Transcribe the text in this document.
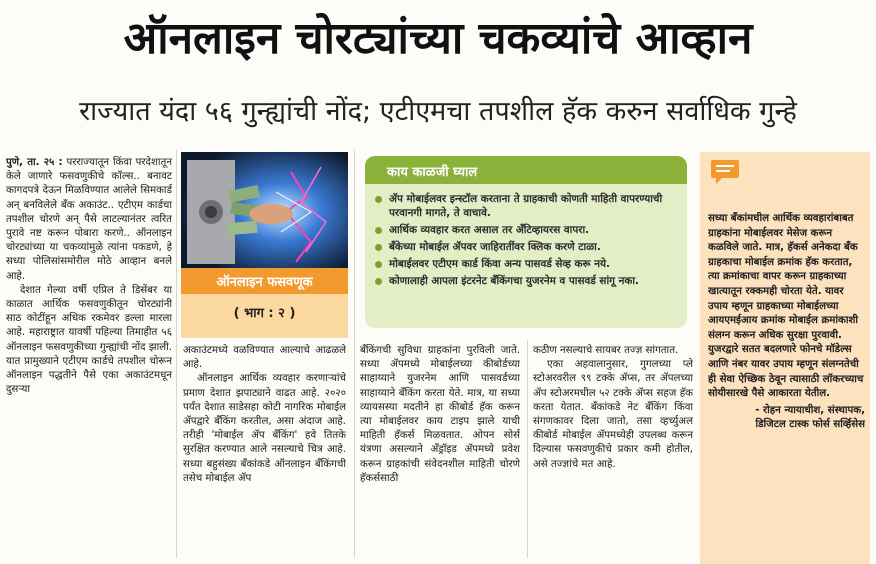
ऑनलाइन चोरट्यांच्या चकव्यांचे आव्हान
राज्यात यंदा ५६ गुन्ह्यांची नोंद; एटीएमचा तपशील हॅक करुन सर्वाधिक गुन्हे

पुणे, ता. २५ : परराज्यातून किंवा परदेशातून केले जाणारे फसवणुकीचे कॉल्स.. बनावट कागदपत्रे देऊन मिळविण्यात आलेले सिमकार्ड अन्‌ बनविलेले बॅंक अकाउंट.. एटीएम कार्डचा तपशील चोरणे अन्‌ पैसे लाटल्यानंतर त्वरित पुरावे नष्ट करून पोबारा करणे.. ऑनलाइन चोरट्यांच्या या चकव्यांमुळे त्यांना पकडणे, हे सध्या पोलिसांसमोरील मोठे आव्हान बनले आहे.

देशात गेल्या वर्षी एप्रिल ते डिसेंबर या काळात आर्थिक फसवणुकीतून चोरट्यांनी साठ कोटींहून अधिक रकमेवर डल्ला मारला आहे. महाराष्ट्रात यावर्षी पहिल्या तिमाहीत ५६ ऑनलाइन फसवणुकीच्या गुन्ह्यांची नोंद झाली. यात प्रामुख्याने एटीएम कार्डचे तपशील चोरून ऑनलाइन पद्धतीने पैसे एका अकाउंटमधून दुसऱ्या

ऑनलाइन फसवणूक
( भाग : २ )

अकाउंटमध्ये वळविण्यात आल्याचे आढळले आहे.

ऑनलाइन आर्थिक व्यवहार करणाऱ्यांचे प्रमाण देशात झपाट्याने वाढत आहे. २०२० पर्यंत देशात साडेसहा कोटी नागरिक मोबाईल ॲपद्वारे बॅंकिंग करतील, असा अंदाज आहे. तरीही 'मोबाईल ॲप बॅंकिंग' हवे तितके सुरक्षित करण्यात आले नसल्याचे चित्र आहे. सध्या बहुसंख्य बॅंकांकडे ऑनलाइन बॅंकिंगची तसेच मोबाईल ॲप

काय काळजी घ्याल
ॲप मोबाईलवर इन्स्टॉल करताना ते ग्राहकाची कोणती माहिती वापरण्याची परवानगी मागते, ते वाचावे.
आर्थिक व्यवहार करत असाल तर ॲंटिव्हायरस वापरा.
बॅंकेच्या मोबाईल ॲपवर जाहिरातींवर क्लिक करणे टाळा.
मोबाईलवर एटीएम कार्ड किंवा अन्य पासवर्ड सेव्ह करू नये.
कोणालाही आपला इंटरनेट बॅंकिंगचा युजरनेम व पासवर्ड सांगू नका.

बॅंकिंगची सुविधा ग्राहकांना पुरविली जाते. सध्या ॲपमध्ये मोबाईलच्या कीबोर्डच्या साहाय्याने युजरनेम आणि पासवर्डच्या साहाय्याने बॅंकिंग करता येते. मात्र, या सध्या व्यायसस्या मदतीने हा कीबोर्ड हॅक करून त्या मोबाईलवर काय टाइप झाले याची माहिती हॅकर्स मिळवतात. ओपन सोर्स यंत्रणा असल्याने ॲंड्रॉइड ॲपमध्ये प्रवेश करून ग्राहकांची संवेदनशील माहिती चोरणे हॅकर्ससाठी

कठीण नसल्याचे सायबर तज्ज्ञ सांगतात.

एका अहवालानुसार, गुगलच्या प्ले स्टोअरवरील ९९ टक्के ॲप्स, तर ॲपलच्या ॲप स्टोअरमधील ५२ टक्के ॲप्स सहज हॅक करता येतात. बॅंकांकडे नेट बॅंकिंग किंवा संगणकावर दिला जातो, तसा व्हर्च्युअल कीबोर्ड मोबाईल ॲपमध्येही उपलब्ध करून दिल्यास फसवणुकीचे प्रकार कमी होतील, असे तज्ज्ञांचे मत आहे.

सध्या बॅंकांमधील आर्थिक व्यवहारांबाबत ग्राहकांना मोबाईलवर मेसेज करून कळविले जाते. मात्र, हॅकर्स अनेकदा बॅंक ग्राहकाचा मोबाईल क्रमांक हॅक करतात, त्या क्रमांकाचा वापर करून ग्राहकाच्या खात्यातून रक्कमही चोरता येते. यावर उपाय म्हणून ग्राहकाच्या मोबाईलच्या आयएमईआय क्रमांक मोबाईल क्रमांकाशी संलग्न करून अधिक सुरक्षा पुरवावी. युजरद्वारे सतत बदलणारे फोनचे मॉडेल्स आणि नंबर यावर उपाय म्हणून संलग्नतेची ही सेवा ऐच्छिक ठेवून त्यासाठी लॉकरच्याच सोयीसारखे पैसे आकारता येतील.
- रोहन न्यायाधीश, संस्थापक,
डिजिटल टास्क फोर्स सर्व्हिसेस
